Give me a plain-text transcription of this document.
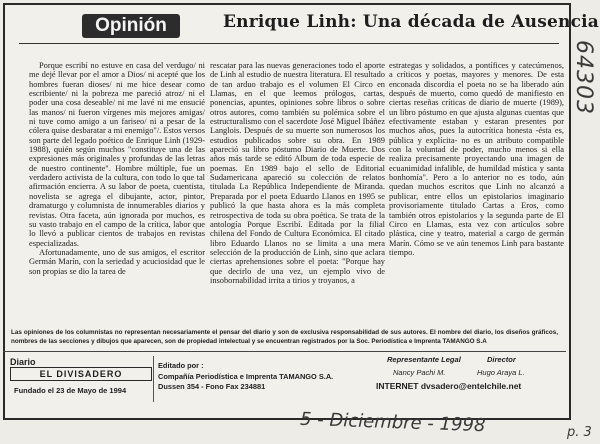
Opinión	Enrique Linh: Una década de Ausencia

Porque escribí no estuve en casa del verdugo/ ni me dejé llevar por el amor a Dios/ ni acepté que los hombres fueran dioses/ ni me hice desear como escribiente/ ni la pobreza me pareció atroz/ ni el poder una cosa deseable/ ni me lavé ni me ensucié las manos/ ni fueron vírgenes mis mejores amigas/ ni tuve como amigo a un fariseo/ ni a pesar de la cólera quise desbaratar a mi enemigo"/. Estos versos son parte del legado poético de Enrique Linh (1929-1988), quién según muchos "constituye una de las expresiones más originales y profundas de las letras de nuestro continente". Hombre múltiple, fue un verdadero activista de la cultura, con todo lo que tal afirmación encierra. A su labor de poeta, cuentista, novelista se agrega el dibujante, actor, pintor, dramaturgo y columnista de innumerables diarios y revistas. Otra faceta, aún ignorada por muchos, es su vasto trabajo en el campo de la crítica, labor que lo llevó a publicar cientos de trabajos en revistas especializadas.

Afortunadamente, uno de sus amigos, el escritor Germán Marín, con la seriedad y acuciosidad que le son propias se dio la tarea de

rescatar para las nuevas generaciones todo el aporte de Linh al estudio de nuestra literatura. El resultado de tan arduo trabajo es el volumen El Circo en Llamas, en el que leemos prólogos, cartas, ponencias, apuntes, opiniones sobre libros o sobre otros autores, como también su polémica sobre el estructuralismo con el sacerdote José Miguel Ibáñez Langlois. Después de su muerte son numerosos los estudios publicados sobre su obra. En 1989 apareció su libro póstumo Diario de Muerte. Dos años más tarde se editó Album de toda especie de poemas. En 1989 bajo el sello de Editorial Sudamericana apareció su colección de relatos titulada La República Independiente de Miranda. Preparada por el poeta Eduardo Llanos en 1995 se publicó la que hasta ahora es la más completa retrospectiva de toda su obra poética. Se trata de la antología Porque Escribí. Editada por la filial chilena del Fondo de Cultura Económica. El citado libro Eduardo Llanos no se limita a una mera selección de la producción de Linh, sino que aclara ciertas aprehensiones sobre el poeta: "Porque hay que decirlo de una vez, un ejemplo vivo de insobornabilidad irrita a tirios y troyanos, a

estrategas y solidados, a pontífices y catecúmenos, a críticos y poetas, mayores y menores. De esta enconada discordia el poeta no se ha liberado aún después de muerto, como quedó de manifiesto en ciertas reseñas críticas de diario de muerte (1989), un libro póstumo en que ajusta algunas cuentas que efectivamente estaban y estaran presentes por muchos años, pues la autocrítica honesta -ésta es, pública y explícita- no es un atributo compatible con la voluntad de poder, mucho menos si ella realiza precisamente proyectando una imagen de ecuanimidad infalible, de humildad mística y santa bonhomía". Pero a lo anterior no es todo, aún quedan muchos escritos que Linh no alcanzó a publicar, entre ellos un epistolarios imaginario provisoriamente titulado Cartas a Eros, como también otros epistolarios y la segunda parte de El Circo en Llamas, esta vez con artículos sobre plástica, cine y teatro, material a cargo de germán Marín. Cómo se ve aún tenemos Linh para bastante tiempo.

Las opiniones de los columnistas no representan necesariamente el pensar del diario y son de exclusiva responsabilidad de sus autores. El nombre del diario, los diseños gráficos, nombres de las secciones y dibujos que aparecen, son de propiedad intelectual y se encuentran registrados por la Soc. Periodística e Imprenta TAMANGO S.A
Diario
EL DIVISADERO
Fundado el 23 de Mayo de 1994
Editado por :
Compañía Periodística e Imprenta TAMANGO S.A.
Dussen 354 - Fono Fax 234881
Representante Legal	Director
Nancy Pachi M.	Hugo Araya L.
INTERNET dvsadero@entelchile.net
64303
5 - Diciembre - 1998	p. 3
